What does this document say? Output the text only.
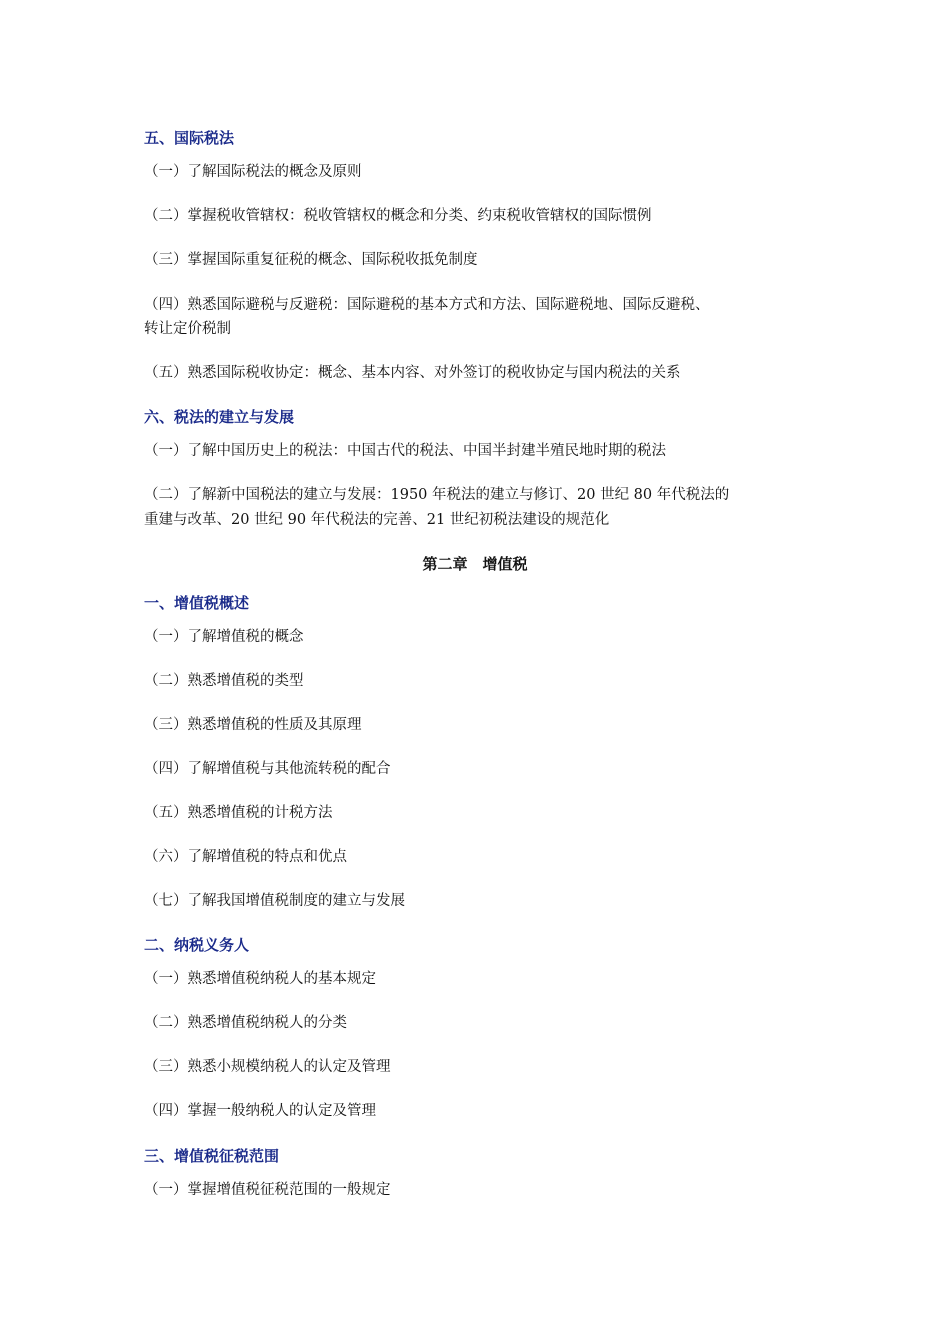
五、国际税法
（一）了解国际税法的概念及原则
（二）掌握税收管辖权：税收管辖权的概念和分类、约束税收管辖权的国际惯例
（三）掌握国际重复征税的概念、国际税收抵免制度
（四）熟悉国际避税与反避税：国际避税的基本方式和方法、国际避税地、国际反避税、
转让定价税制
（五）熟悉国际税收协定：概念、基本内容、对外签订的税收协定与国内税法的关系
六、税法的建立与发展
（一）了解中国历史上的税法：中国古代的税法、中国半封建半殖民地时期的税法
（二）了解新中国税法的建立与发展：1950 年税法的建立与修订、20 世纪 80 年代税法的
重建与改革、20 世纪 90 年代税法的完善、21 世纪初税法建设的规范化
第二章　增值税
一、增值税概述
（一）了解增值税的概念
（二）熟悉增值税的类型
（三）熟悉增值税的性质及其原理
（四）了解增值税与其他流转税的配合
（五）熟悉增值税的计税方法
（六）了解增值税的特点和优点
（七）了解我国增值税制度的建立与发展
二、纳税义务人
（一）熟悉增值税纳税人的基本规定
（二）熟悉增值税纳税人的分类
（三）熟悉小规模纳税人的认定及管理
（四）掌握一般纳税人的认定及管理
三、增值税征税范围
（一）掌握增值税征税范围的一般规定
